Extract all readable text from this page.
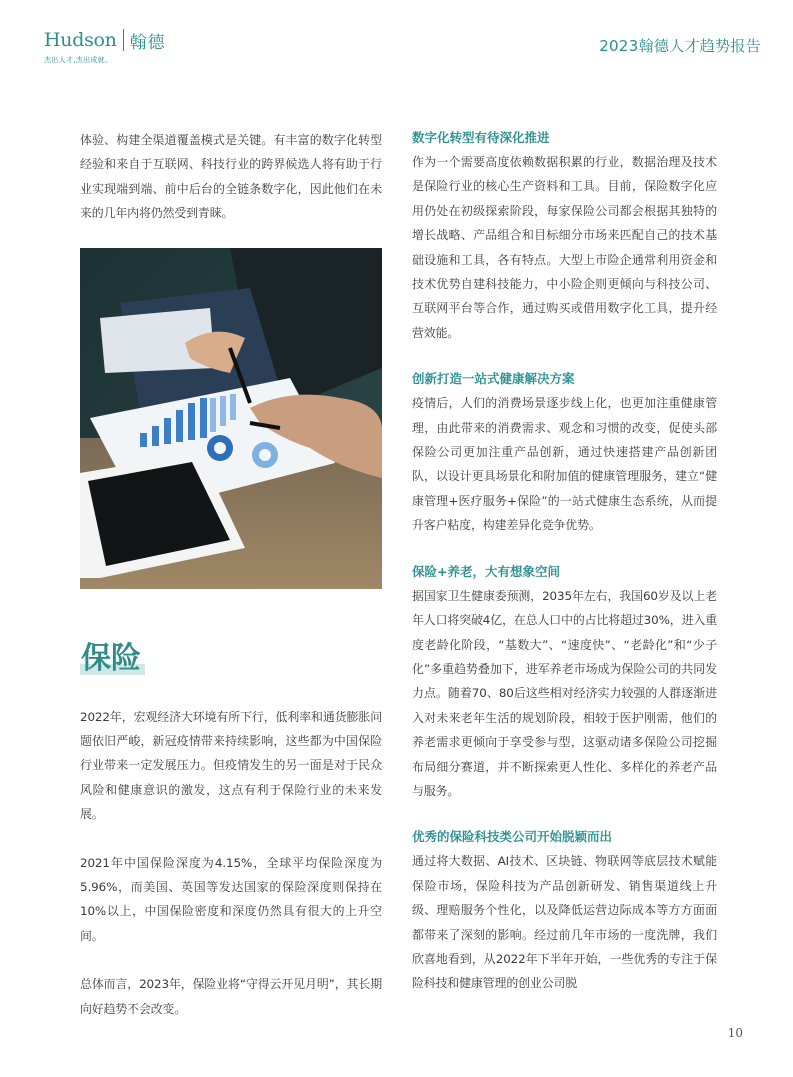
Hudson 翰德
杰出人才,杰出成就。
2023翰德人才趋势报告

体验、构建全渠道覆盖模式是关键。有丰富的数字化转型经验和来自于互联网、科技行业的跨界候选人将有助于行业实现端到端、前中后台的全链条数字化，因此他们在未来的几年内将仍然受到青睐。

保险

2022年，宏观经济大环境有所下行，低利率和通货膨胀问题依旧严峻，新冠疫情带来持续影响，这些都为中国保险行业带来一定发展压力。但疫情发生的另一面是对于民众风险和健康意识的激发，这点有利于保险行业的未来发展。

2021年中国保险深度为4.15%，全球平均保险深度为5.96%，而美国、英国等发达国家的保险深度则保持在10%以上，中国保险密度和深度仍然具有很大的上升空间。

总体而言，2023年，保险业将“守得云开见月明”，其长期向好趋势不会改变。

数字化转型有待深化推进

作为一个需要高度依赖数据积累的行业，数据治理及技术是保险行业的核心生产资料和工具。目前，保险数字化应用仍处在初级探索阶段，每家保险公司都会根据其独特的增长战略、产品组合和目标细分市场来匹配自己的技术基础设施和工具，各有特点。大型上市险企通常利用资金和技术优势自建科技能力，中小险企则更倾向与科技公司、互联网平台等合作，通过购买或借用数字化工具，提升经营效能。

创新打造一站式健康解决方案

疫情后，人们的消费场景逐步线上化，也更加注重健康管理，由此带来的消费需求、观念和习惯的改变，促使头部保险公司更加注重产品创新，通过快速搭建产品创新团队，以设计更具场景化和附加值的健康管理服务，建立“健康管理+医疗服务+保险”的一站式健康生态系统，从而提升客户粘度，构建差异化竞争优势。

保险+养老，大有想象空间

据国家卫生健康委预测，2035年左右，我国60岁及以上老年人口将突破4亿，在总人口中的占比将超过30%，进入重度老龄化阶段，“基数大”、“速度快”、“老龄化”和“少子化”多重趋势叠加下，进军养老市场成为保险公司的共同发力点。随着70、80后这些相对经济实力较强的人群逐渐进入对未来老年生活的规划阶段，相较于医护刚需，他们的养老需求更倾向于享受参与型，这驱动诸多保险公司挖掘布局细分赛道，并不断探索更人性化、多样化的养老产品与服务。

优秀的保险科技类公司开始脱颖而出

通过将大数据、AI技术、区块链、物联网等底层技术赋能保险市场，保险科技为产品创新研发、销售渠道线上升级、理赔服务个性化，以及降低运营边际成本等方方面面都带来了深刻的影响。经过前几年市场的一度洗牌，我们欣喜地看到，从2022年下半年开始，一些优秀的专注于保险科技和健康管理的创业公司脱

10
